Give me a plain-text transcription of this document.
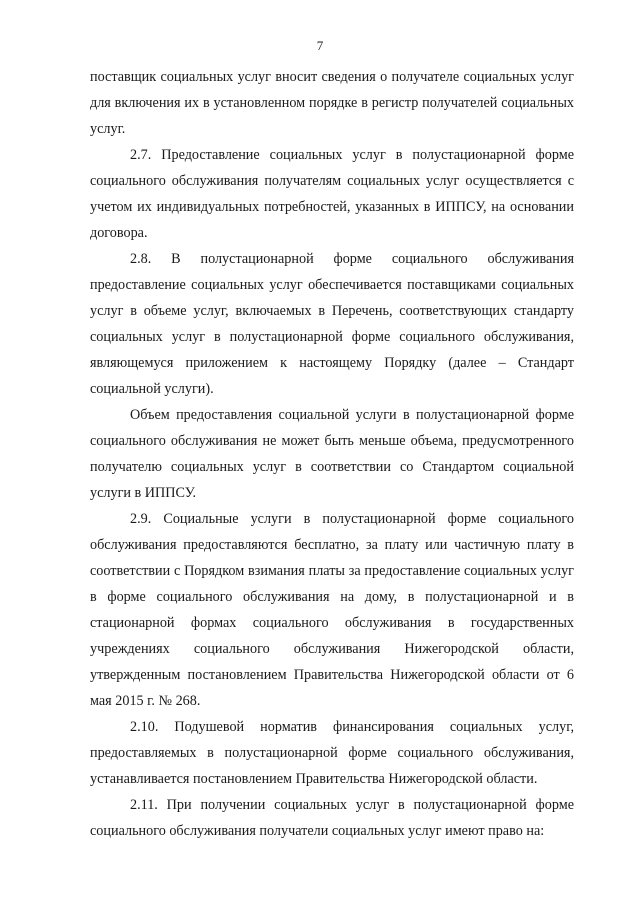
7

поставщик социальных услуг вносит сведения о получателе социальных услуг для включения их в установленном порядке в регистр получателей социальных услуг.

2.7. Предоставление социальных услуг в полустационарной форме социального обслуживания получателям социальных услуг осуществляется с учетом их индивидуальных потребностей, указанных в ИППСУ, на основании договора.

2.8. В полустационарной форме социального обслуживания предоставление социальных услуг обеспечивается поставщиками социальных услуг в объеме услуг, включаемых в Перечень, соответствующих стандарту социальных услуг в полустационарной форме социального обслуживания, являющемуся приложением к настоящему Порядку (далее – Стандарт социальной услуги).

Объем предоставления социальной услуги в полустационарной форме социального обслуживания не может быть меньше объема, предусмотренного получателю социальных услуг в соответствии со Стандартом социальной услуги в ИППСУ.

2.9. Социальные услуги в полустационарной форме социального обслуживания предоставляются бесплатно, за плату или частичную плату в соответствии с Порядком взимания платы за предоставление социальных услуг в форме социального обслуживания на дому, в полустационарной и в стационарной формах социального обслуживания в государственных учреждениях социального обслуживания Нижегородской области, утвержденным постановлением Правительства Нижегородской области от 6 мая 2015 г. № 268.

2.10. Подушевой норматив финансирования социальных услуг, предоставляемых в полустационарной форме социального обслуживания, устанавливается постановлением Правительства Нижегородской области.

2.11. При получении социальных услуг в полустационарной форме социального обслуживания получатели социальных услуг имеют право на:
